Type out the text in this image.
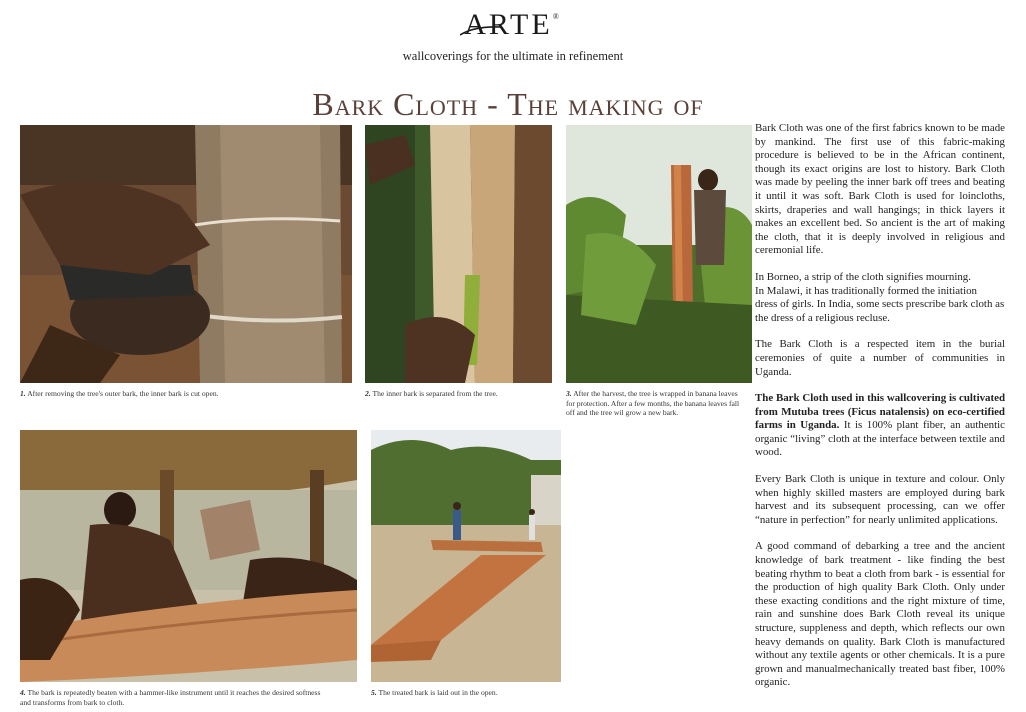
ARTE®
wallcoverings for the ultimate in refinement
Bark Cloth - The making of
1. After removing the tree's outer bark, the inner bark is cut open.	2. The inner bark is separated from the tree.	3. After the harvest, the tree is wrapped in banana leaves
for protection. After a few months, the banana leaves fall
off and the tree wil grow a new bark.
4. The bark is repeatedly beaten with a hammer-like instrument until it reaches the desired softness
and transforms from bark to cloth.
5. The treated bark is laid out in the open.

Bark Cloth was one of the first fabrics known to be made by mankind. The first use of this fabric-making procedure is believed to be in the African continent, though its exact origins are lost to history. Bark Cloth was made by peeling the inner bark off trees and beating it until it was soft. Bark Cloth is used for loincloths, skirts, draperies and wall hangings; in thick layers it makes an excellent bed. So ancient is the art of making the cloth, that it is deeply involved in religious and ceremonial life.

In Borneo, a strip of the cloth signifies mourning.
In Malawi, it has traditionally formed the initiation
dress of girls. In India, some sects prescribe bark cloth as
the dress of a religious recluse.

The Bark Cloth is a respected item in the burial ceremonies of quite a number of communities in Uganda.

The Bark Cloth used in this wallcovering is cultivated from Mutuba trees (Ficus natalensis) on eco-certified farms in Uganda. It is 100% plant fiber, an authentic organic “living” cloth at the interface between textile and wood.

Every Bark Cloth is unique in texture and colour. Only when highly skilled masters are employed during bark harvest and its subsequent processing, can we offer “nature in perfection” for nearly unlimited applications.

A good command of debarking a tree and the ancient knowledge of bark treatment - like finding the best beating rhythm to beat a cloth from bark - is essential for the production of high quality Bark Cloth. Only under these exacting conditions and the right mixture of time, rain and sunshine does Bark Cloth reveal its unique structure, suppleness and depth, which reflects our own heavy demands on quality. Bark Cloth is manufactured without any textile agents or other chemicals. It is a pure grown and manualmechanically treated bast fiber, 100% organic.
